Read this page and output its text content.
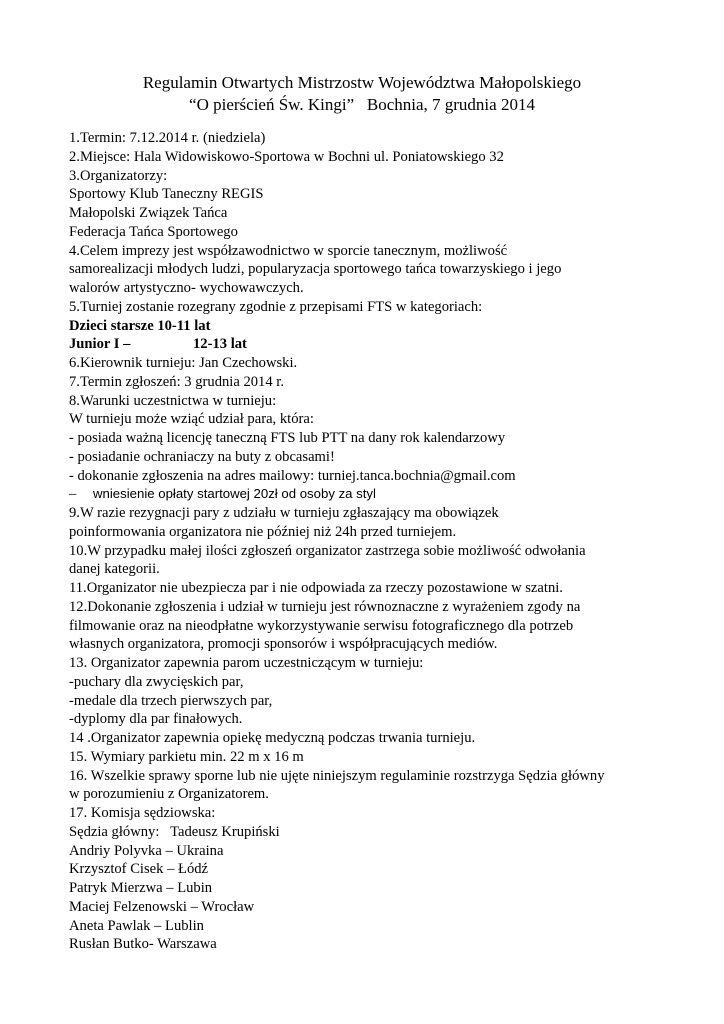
Regulamin Otwartych Mistrzostw Województwa Małopolskiego
“O pierścień Św. Kingi”   Bochnia, 7 grudnia 2014
1.Termin: 7.12.2014 r. (niedziela)
2.Miejsce: Hala Widowiskowo-Sportowa w Bochni ul. Poniatowskiego 32
3.Organizatorzy:
Sportowy Klub Taneczny REGIS
Małopolski Związek Tańca
Federacja Tańca Sportowego
4.Celem imprezy jest współzawodnictwo w sporcie tanecznym, możliwość
samorealizacji młodych ludzi, popularyzacja sportowego tańca towarzyskiego i jego
walorów artystyczno- wychowawczych.
5.Turniej zostanie rozegrany zgodnie z przepisami FTS w kategoriach:
Dzieci starsze 10-11 lat
Junior I –	12-13 lat
6.Kierownik turnieju: Jan Czechowski.
7.Termin zgłoszeń: 3 grudnia 2014 r.
8.Warunki uczestnictwa w turnieju:
W turnieju może wziąć udział para, która:
- posiada ważną licencję taneczną FTS lub PTT na dany rok kalendarzowy
- posiadanie ochraniaczy na buty z obcasami!
- dokonanie zgłoszenia na adres mailowy: turniej.tanca.bochnia@gmail.com
– wniesienie opłaty startowej 20zł od osoby za styl
9.W razie rezygnacji pary z udziału w turnieju zgłaszający ma obowiązek
poinformowania organizatora nie później niż 24h przed turniejem.
10.W przypadku małej ilości zgłoszeń organizator zastrzega sobie możliwość odwołania
danej kategorii.
11.Organizator nie ubezpiecza par i nie odpowiada za rzeczy pozostawione w szatni.
12.Dokonanie zgłoszenia i udział w turnieju jest równoznaczne z wyrażeniem zgody na
filmowanie oraz na nieodpłatne wykorzystywanie serwisu fotograficznego dla potrzeb
własnych organizatora, promocji sponsorów i współpracujących mediów.
13. Organizator zapewnia parom uczestniczącym w turnieju:
-puchary dla zwycięskich par,
-medale dla trzech pierwszych par,
-dyplomy dla par finałowych.
14 .Organizator zapewnia opiekę medyczną podczas trwania turnieju.
15. Wymiary parkietu min. 22 m x 16 m
16. Wszelkie sprawy sporne lub nie ujęte niniejszym regulaminie rozstrzyga Sędzia główny
w porozumieniu z Organizatorem.
17. Komisja sędziowska:
Sędzia główny: Tadeusz Krupiński
Andriy Polyvka – Ukraina
Krzysztof Cisek – Łódź
Patryk Mierzwa – Lubin
Maciej Felzenowski – Wrocław
Aneta Pawlak – Lublin
Rusłan Butko- Warszawa
